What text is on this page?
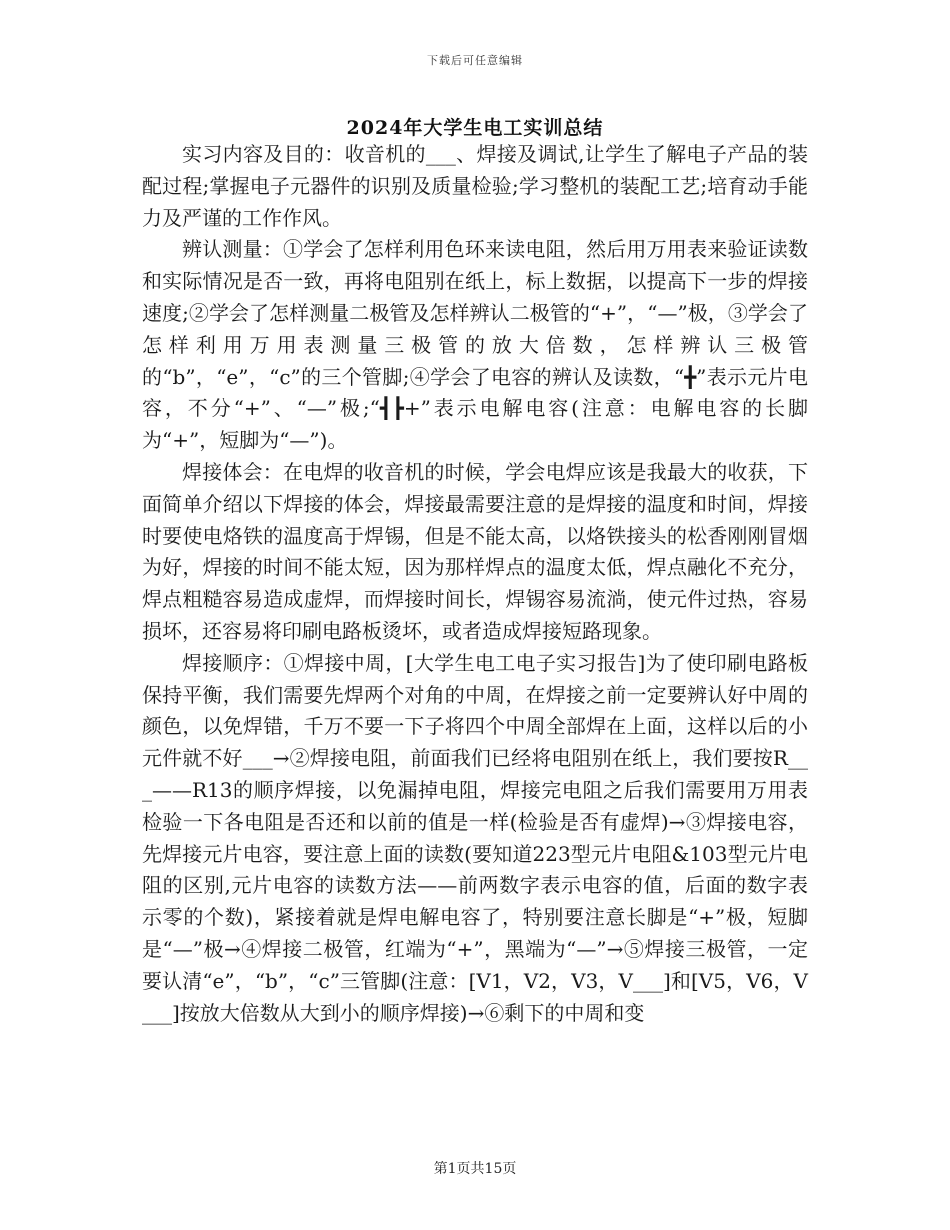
下载后可任意编辑
2024年大学生电工实训总结

实习内容及目的：收音机的___、焊接及调试,让学生了解电子产品的装配过程;掌握电子元器件的识别及质量检验;学习整机的装配工艺;培育动手能力及严谨的工作作风。

辨认测量：①学会了怎样利用色环来读电阻，然后用万用表来验证读数和实际情况是否一致，再将电阻别在纸上，标上数据，以提高下一步的焊接速度;②学会了怎样测量二极管及怎样辨认二极管的“+”，“—”极，③学会了怎样利用万用表测量三极管的放大倍数，怎样辨认三极管的“b”，“e”，“c”的三个管脚;④学会了电容的辨认及读数，“╋”表示元片电容，不分“+”、“—”极;“┫┣+”表示电解电容(注意：电解电容的长脚为“+”，短脚为“—”)。

焊接体会：在电焊的收音机的时候，学会电焊应该是我最大的收获，下面简单介绍以下焊接的体会，焊接最需要注意的是焊接的温度和时间，焊接时要使电烙铁的温度高于焊锡，但是不能太高，以烙铁接头的松香刚刚冒烟为好，焊接的时间不能太短，因为那样焊点的温度太低，焊点融化不充分，焊点粗糙容易造成虚焊，而焊接时间长，焊锡容易流淌，使元件过热，容易损坏，还容易将印刷电路板烫坏，或者造成焊接短路现象。

焊接顺序：①焊接中周，[大学生电工电子实习报告]为了使印刷电路板保持平衡，我们需要先焊两个对角的中周，在焊接之前一定要辨认好中周的颜色，以免焊错，千万不要一下子将四个中周全部焊在上面，这样以后的小元件就不好___→②焊接电阻，前面我们已经将电阻别在纸上，我们要按R___——R13的顺序焊接，以免漏掉电阻，焊接完电阻之后我们需要用万用表检验一下各电阻是否还和以前的值是一样(检验是否有虚焊)→③焊接电容，先焊接元片电容，要注意上面的读数(要知道223型元片电阻&103型元片电阻的区别,元片电容的读数方法——前两数字表示电容的值，后面的数字表示零的个数)，紧接着就是焊电解电容了，特别要注意长脚是“+”极，短脚是“—”极→④焊接二极管，红端为“+”，黑端为“—”→⑤焊接三极管，一定要认清“e”，“b”，“c”三管脚(注意：[V1，V2，V3，V___]和[V5，V6，V___]按放大倍数从大到小的顺序焊接)→⑥剩下的中周和变

第1页共15页
